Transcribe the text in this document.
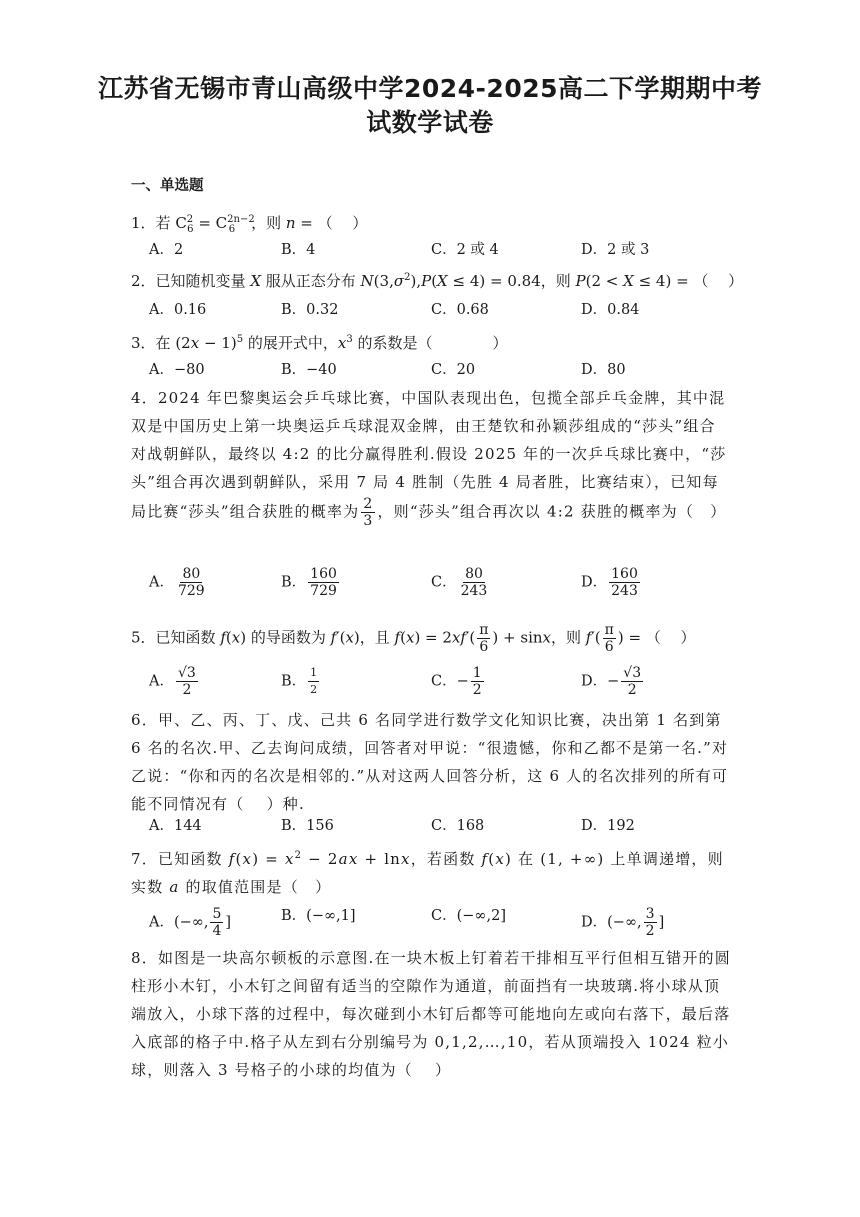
江苏省无锡市青山高级中学2024-2025高二下学期期中考
试数学试卷
一、单选题
1．若 $C^2_6 = C^{2n-2}_6$ ，则 n = （　 ）
A．2	B．4	C．2 或 4	D．2 或 3
2．已知随机变量 X 服从正态分布 $N(3,\sigma^2),P(X \le 4) = 0.84$，则 P(2 < X ≤ 4) = （　 ）
A．0.16	B．0.32	C．0.68	D．0.84
3．在 $(2x - 1)^5$ 的展开式中，$x^3$ 的系数是（　　　　）
A．−80	B．−40	C．20	D．80
4．2024 年巴黎奥运会乒乓球比赛，中国队表现出色，包揽全部乒乓金牌，其中混双是中国历史上第一块奥运乒乓球混双金牌，由王楚钦和孙颖莎组成的“莎头”组合对战朝鲜队，最终以 4:2 的比分赢得胜利.假设 2025 年的一次乒乓球比赛中，“莎头”组合再次遇到朝鲜队，采用 7 局 4 胜制（先胜 4 局者胜，比赛结束），已知每局比赛“莎头”组合获胜的概率为 $\frac{2}{3}$ ，则“莎头”组合再次以 4:2 获胜的概率为（　）
A． $\frac{80}{729}$	B． $\frac{160}{729}$	C． $\frac{80}{243}$	D． $\frac{160}{243}$
5．已知函数 f(x) 的导函数为 f′(x)，且 $f(x) = 2xf'( \frac{\pi}{6}$ ) + sinx，则 $f'( \frac{\pi}{6}$ ) = （　 ）
A． $\frac{√3}{2}$	B． $\frac{1}{2}$	C．− $\frac{1}{2}$	D．− $\frac{√3}{2}$
6．甲、乙、丙、丁、戊、己共 6 名同学进行数学文化知识比赛，决出第 1 名到第 6 名的名次.甲、乙去询问成绩，回答者对甲说：“很遗憾，你和乙都不是第一名.”对乙说：“你和丙的名次是相邻的.”从对这两人回答分析，这 6 人的名次排列的所有可能不同情况有（　 ）种.
A．144	B．156	C．168	D．192
7．已知函数 $f(x) = x^2 - 2ax + \ln x$，若函数 f(x) 在 (1, +∞) 上单调递增，则实数 a 的取值范围是（　）
A．(−∞, $\frac{5}{4}$ ]	B．(−∞,1]	C．(−∞,2]	D．(−∞, $\frac{3}{2}$ ]
8．如图是一块高尔顿板的示意图.在一块木板上钉着若干排相互平行但相互错开的圆柱形小木钉，小木钉之间留有适当的空隙作为通道，前面挡有一块玻璃.将小球从顶端放入，小球下落的过程中，每次碰到小木钉后都等可能地向左或向右落下，最后落入底部的格子中.格子从左到右分别编号为 0,1,2,…,10，若从顶端投入 1024 粒小球，则落入 3 号格子的小球的均值为（　 ）
